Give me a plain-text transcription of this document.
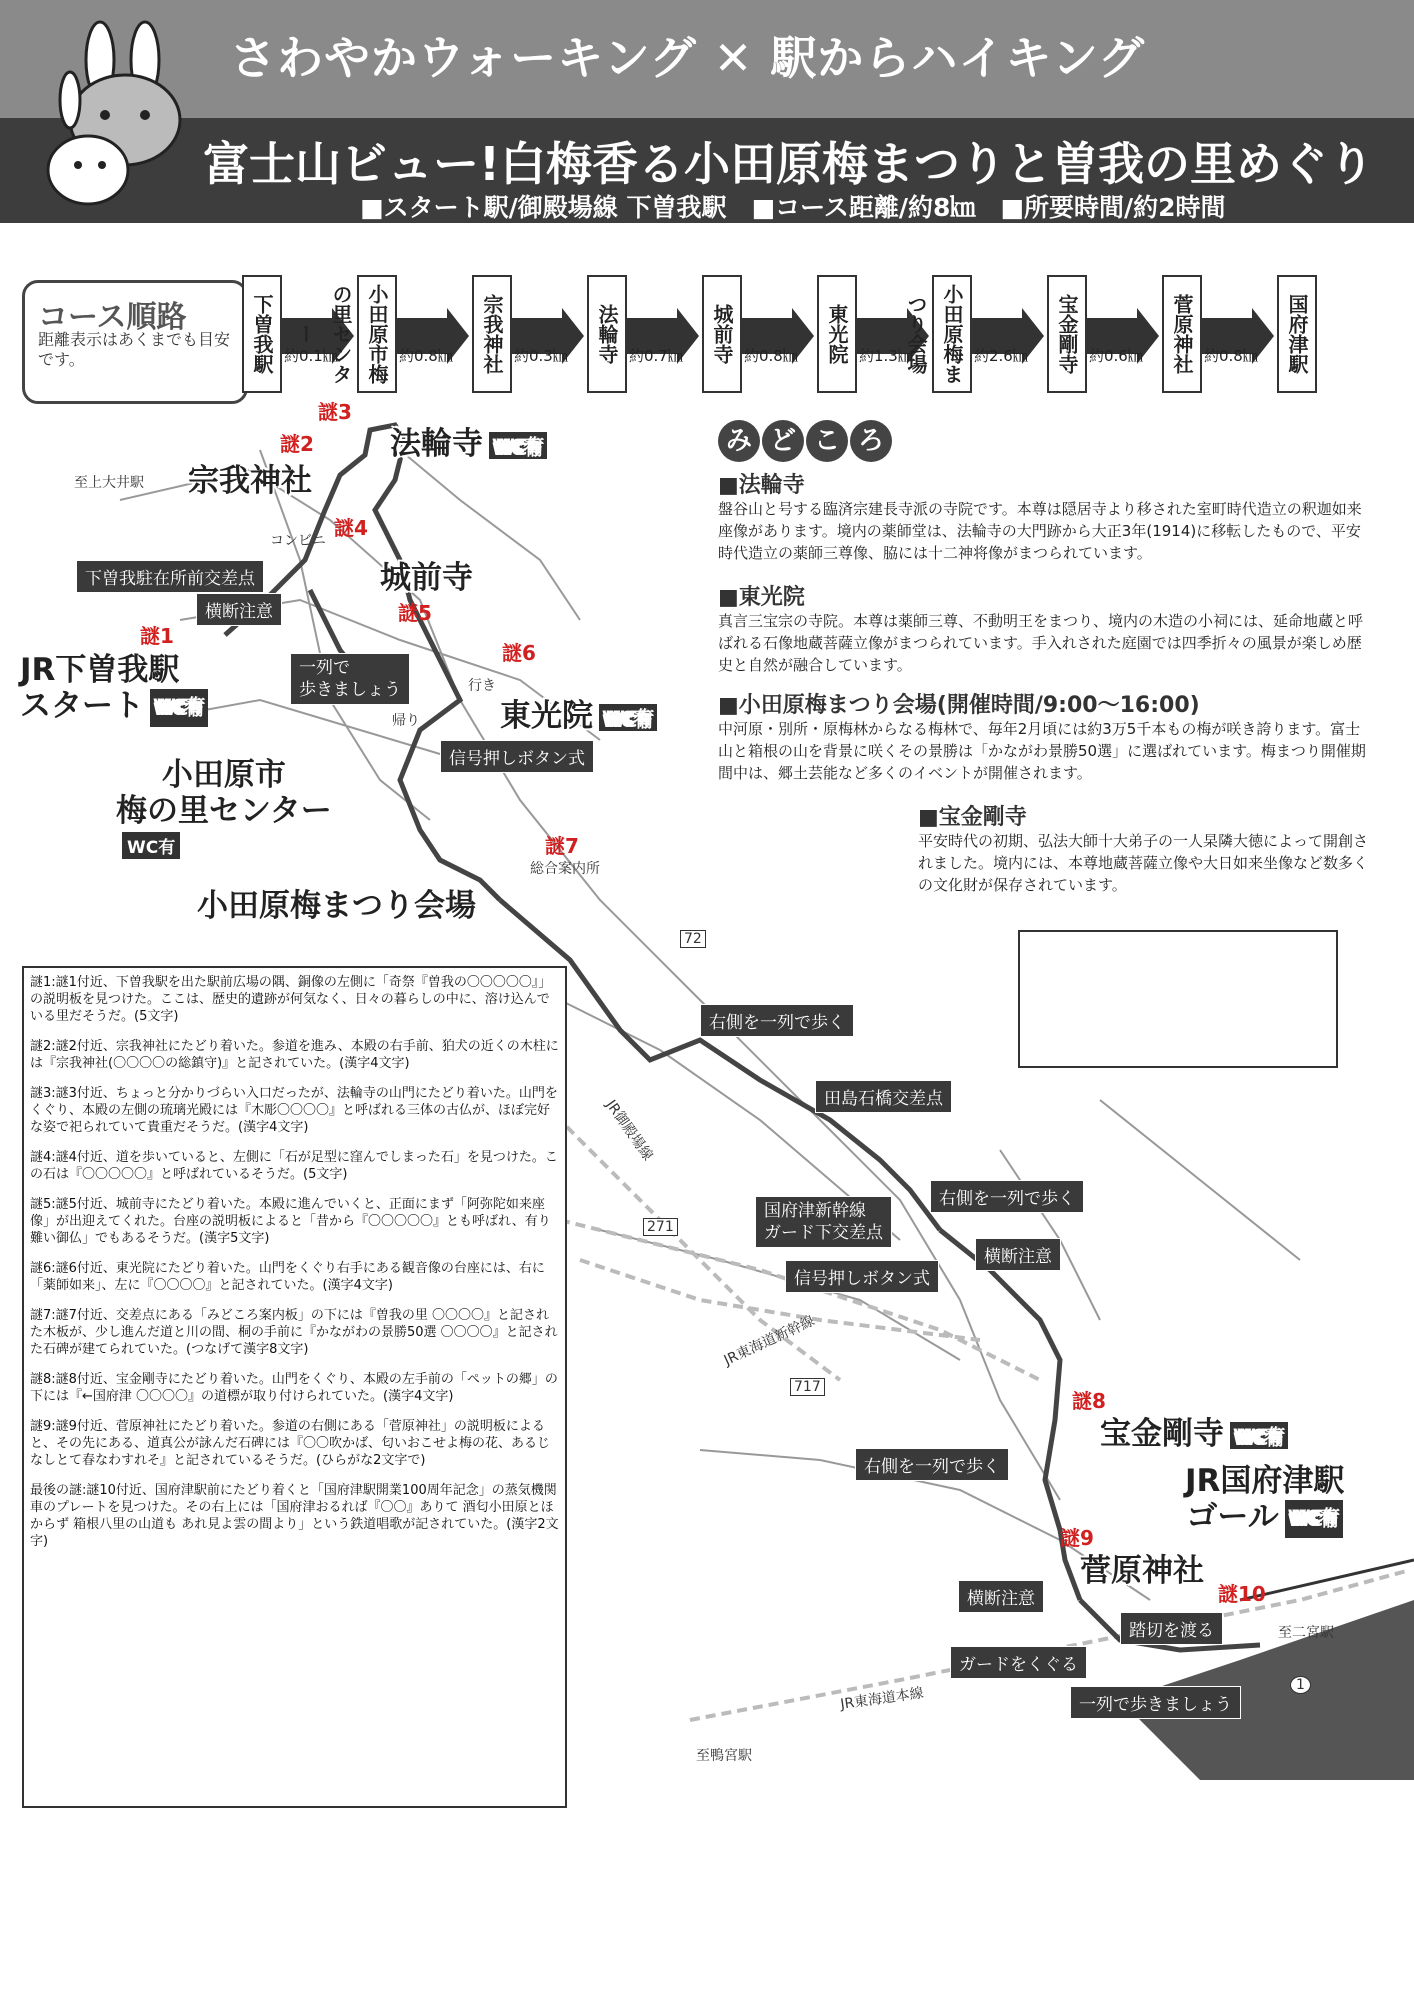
さわやかウォーキング ✕ 駅からハイキング
富士山ビュー!白梅香る小田原梅まつりと曽我の里めぐり
■スタート駅/御殿場線 下曽我駅　■コース距離/約8㎞　■所要時間/約2時間
コース順路
距離表示はあくまでも目安です。	下曽我駅 約0.1㎞	小田原市梅の里センター
約0.8㎞	宗我神社 約0.3㎞	法輪寺 約0.7㎞	城前寺 約0.8㎞	東光院 約1.3㎞	小田原梅まつり会場	約2.6㎞	宝金剛寺 約0.6㎞	菅原神社 約0.8㎞	国府津駅
法輪寺 WC有
宗我神社
城前寺
東光院 WC有
JR下曽我駅
スタート WC有
小田原市
梅の里センター
WC有
小田原梅まつり会場
宝金剛寺 WC有
JR国府津駅
ゴール WC有
菅原神社
謎3
謎2
謎4
謎5
謎1
謎6
謎7
謎8
謎9
謎10
下曽我駐在所前交差点
横断注意
一列で
歩きましょう
信号押しボタン式
右側を一列で歩く
田島石橋交差点
国府津新幹線
ガード下交差点
右側を一列で歩く
横断注意
信号押しボタン式
右側を一列で歩く
横断注意
踏切を渡る
ガードをくぐる
一列で歩きましょう
至上大井駅
コンビニ
行き
帰り
総合案内所
JR御殿場線
JR東海道新幹線
JR東海道本線
至二宮駅
至鴨宮駅
72
271
717
1
み ど こ ろ
■法輪寺
盤谷山と号する臨済宗建長寺派の寺院です。本尊は隠居寺より移された室町時代造立の釈迦如来座像があります。境内の薬師堂は、法輪寺の大門跡から大正3年(1914)に移転したもので、平安時代造立の薬師三尊像、脇には十二神将像がまつられています。
■東光院
真言三宝宗の寺院。本尊は薬師三尊、不動明王をまつり、境内の木造の小祠には、延命地蔵と呼ばれる石像地蔵菩薩立像がまつられています。手入れされた庭園では四季折々の風景が楽しめ歴史と自然が融合しています。
■小田原梅まつり会場(開催時間/9:00〜16:00)
中河原・別所・原梅林からなる梅林で、毎年2月頃には約3万5千本もの梅が咲き誇ります。富士山と箱根の山を背景に咲くその景勝は「かながわ景勝50選」に選ばれています。梅まつり開催期間中は、郷土芸能など多くのイベントが開催されます。
■宝金剛寺
平安時代の初期、弘法大師十大弟子の一人杲隣大徳によって開創されました。境内には、本尊地蔵菩薩立像や大日如来坐像など数多くの文化財が保存されています。
謎1:謎1付近、下曽我駅を出た駅前広場の隅、銅像の左側に「奇祭『曽我の〇〇〇〇〇』」の説明板を見つけた。ここは、歴史的遺跡が何気なく、日々の暮らしの中に、溶け込んでいる里だそうだ。(5文字)
謎2:謎2付近、宗我神社にたどり着いた。参道を進み、本殿の右手前、狛犬の近くの木柱には『宗我神社(〇〇〇〇の総鎮守)』と記されていた。(漢字4文字)
謎3:謎3付近、ちょっと分かりづらい入口だったが、法輪寺の山門にたどり着いた。山門をくぐり、本殿の左側の琉璃光殿には『木彫〇〇〇〇』と呼ばれる三体の古仏が、ほぼ完好な姿で祀られていて貴重だそうだ。(漢字4文字)
謎4:謎4付近、道を歩いていると、左側に「石が足型に窪んでしまった石」を見つけた。この石は『〇〇〇〇〇』と呼ばれているそうだ。(5文字)
謎5:謎5付近、城前寺にたどり着いた。本殿に進んでいくと、正面にまず「阿弥陀如来座像」が出迎えてくれた。台座の説明板によると「昔から『〇〇〇〇〇』とも呼ばれ、有り難い御仏」でもあるそうだ。(漢字5文字)
謎6:謎6付近、東光院にたどり着いた。山門をくぐり右手にある観音像の台座には、右に「薬師如来」、左に『〇〇〇〇』と記されていた。(漢字4文字)
謎7:謎7付近、交差点にある「みどころ案内板」の下には『曽我の里 〇〇〇〇』と記された木板が、少し進んだ道と川の間、桐の手前に『かながわの景勝50選 〇〇〇〇』と記された石碑が建てられていた。(つなげて漢字8文字)
謎8:謎8付近、宝金剛寺にたどり着いた。山門をくぐり、本殿の左手前の「ペットの郷」の下には『←国府津 〇〇〇〇』の道標が取り付けられていた。(漢字4文字)
謎9:謎9付近、菅原神社にたどり着いた。参道の右側にある「菅原神社」の説明板によると、その先にある、道真公が詠んだ石碑には『〇〇吹かば、匂いおこせよ梅の花、あるじなしとて春なわすれそ』と記されているそうだ。(ひらがな2文字で)
最後の謎:謎10付近、国府津駅前にたどり着くと「国府津駅開業100周年記念」の蒸気機関車のプレートを見つけた。その右上には「国府津おるれば『〇〇』ありて 酒匂小田原とほからず 箱根八里の山道も あれ見よ雲の間より」という鉄道唱歌が記されていた。(漢字2文字)
